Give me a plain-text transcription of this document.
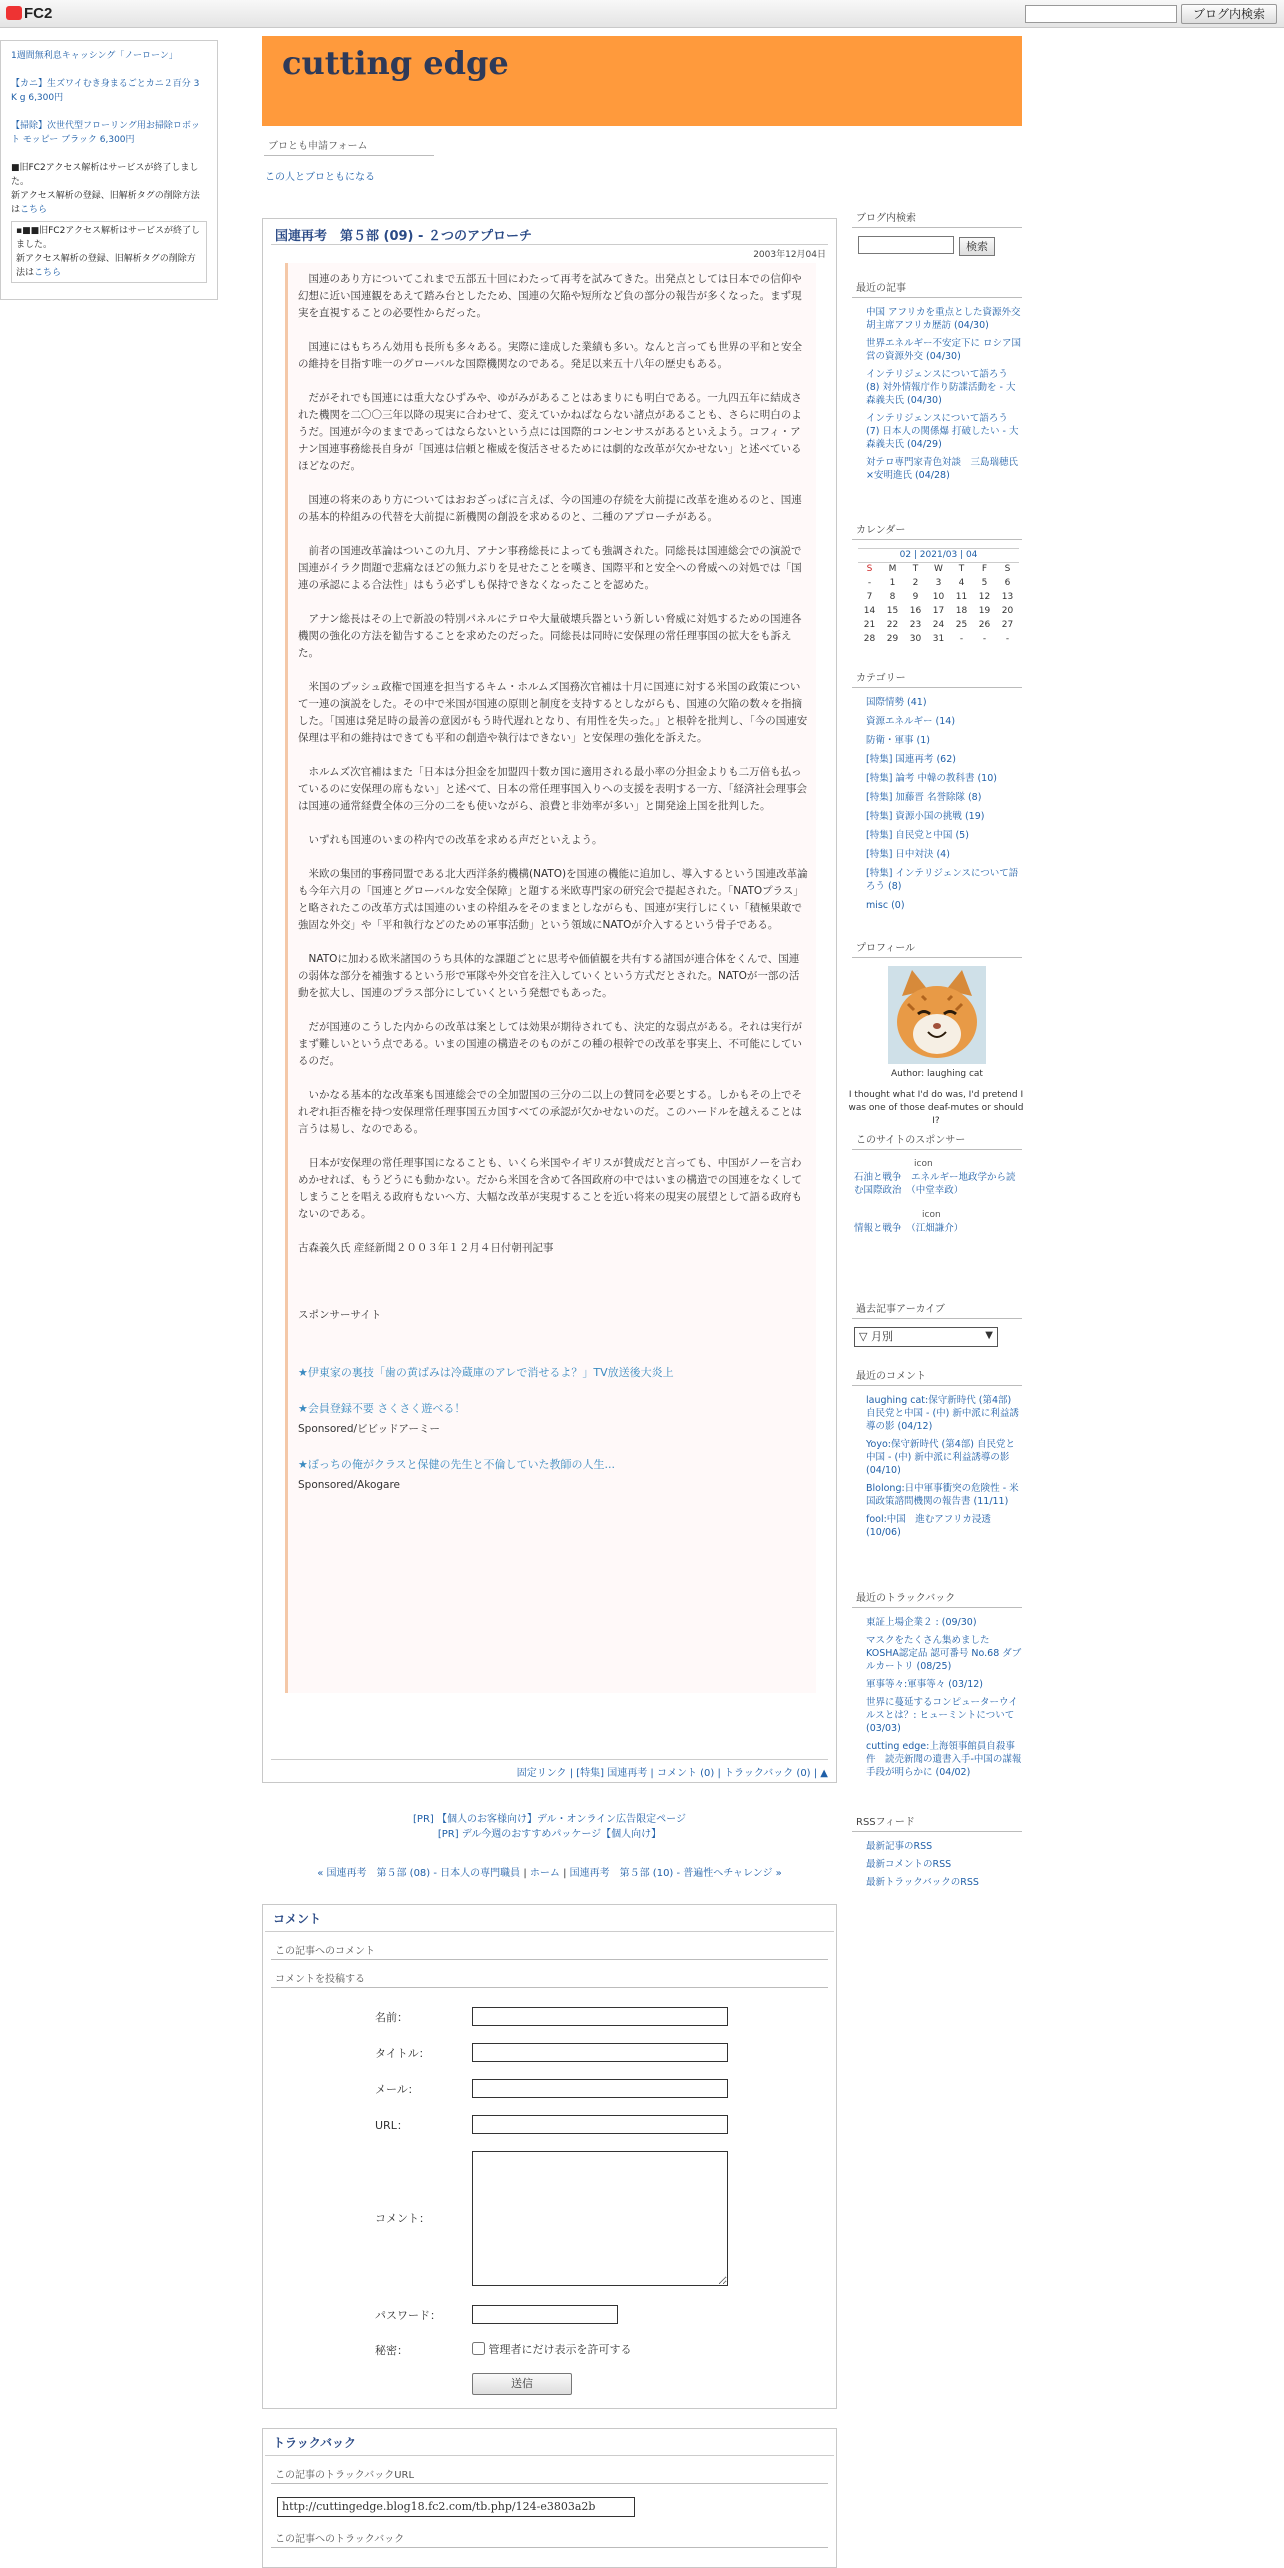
FC2	ブログ内検索

1週間無利息キャッシング「ノーローン」

【カニ】生ズワイむき身まるごとカニ２百分 3 K g 6,300円

【掃除】次世代型フローリング用お掃除ロボット モッピー ブラック 6,300円

■旧FC2アクセス解析はサービスが終了しました。
新アクセス解析の登録、旧解析タグの削除方法はこちら
▪■■旧FC2アクセス解析はサービスが終了しました。
新アクセス解析の登録、旧解析タグの削除方法はこちら
cutting edge
ブロとも申請フォーム
この人とブロともになる
国連再考　第５部 (09) - ２つのアプローチ
2003年12月04日

国連のあり方についてこれまで五部五十回にわたって再考を試みてきた。出発点としては日本での信仰や幻想に近い国連観をあえて踏み台としたため、国連の欠陥や短所など負の部分の報告が多くなった。まず現実を直視することの必要性からだった。

国連にはもちろん効用も長所も多々ある。実際に達成した業績も多い。なんと言っても世界の平和と安全の維持を目指す唯一のグローバルな国際機関なのである。発足以来五十八年の歴史もある。

だがそれでも国連には重大なひずみや、ゆがみがあることはあまりにも明白である。一九四五年に結成された機関を二〇〇三年以降の現実に合わせて、変えていかねばならない諸点があることも、さらに明白のようだ。国連が今のままであってはならないという点には国際的コンセンサスがあるといえよう。コフィ・アナン国連事務総長自身が「国連は信頼と権威を復活させるためには劇的な改革が欠かせない」と述べているほどなのだ。

国連の将来のあり方についてはおおざっぱに言えば、今の国連の存続を大前提に改革を進めるのと、国連の基本的枠組みの代替を大前提に新機関の創設を求めるのと、二種のアプローチがある。

前者の国連改革論はついこの九月、アナン事務総長によっても強調された。同総長は国連総会での演説で国連がイラク問題で悲痛なほどの無力ぶりを見せたことを嘆き、国際平和と安全への脅威への対処では「国連の承認による合法性」はもう必ずしも保持できなくなったことを認めた。

アナン総長はその上で新設の特別パネルにテロや大量破壊兵器という新しい脅威に対処するための国連各機関の強化の方法を勧告することを求めたのだった。同総長は同時に安保理の常任理事国の拡大をも訴えた。

米国のブッシュ政権で国連を担当するキム・ホルムズ国務次官補は十月に国連に対する米国の政策について一連の演説をした。その中で米国が国連の原則と制度を支持するとしながらも、国連の欠陥の数々を指摘した。「国連は発足時の最善の意図がもう時代遅れとなり、有用性を失った。」と根幹を批判し、「今の国連安保理は平和の維持はできても平和の創造や執行はできない」と安保理の強化を訴えた。

ホルムズ次官補はまた「日本は分担金を加盟四十数カ国に適用される最小率の分担金よりも二万倍も払っているのに安保理の席もない」と述べて、日本の常任理事国入りへの支援を表明する一方、「経済社会理事会は国連の通常経費全体の三分の二をも使いながら、浪費と非効率が多い」と開発途上国を批判した。

いずれも国連のいまの枠内での改革を求める声だといえよう。

米欧の集団的事務同盟である北大西洋条約機構(NATO)を国連の機能に追加し、導入するという国連改革論も今年六月の「国連とグローバルな安全保障」と題する米欧専門家の研究会で提起された。「NATOプラス」と略されたこの改革方式は国連のいまの枠組みをそのままとしながらも、国連が実行しにくい「積極果敢で強固な外交」や「平和執行などのための軍事活動」という領域にNATOが介入するという骨子である。

NATOに加わる欧米諸国のうち具体的な課題ごとに思考や価値観を共有する諸国が連合体をくんで、国連の弱体な部分を補強するという形で軍隊や外交官を注入していくという方式だとされた。NATOが一部の活動を拡大し、国連のプラス部分にしていくという発想でもあった。

だが国連のこうした内からの改革は案としては効果が期待されても、決定的な弱点がある。それは実行がまず難しいという点である。いまの国連の構造そのものがこの種の根幹での改革を事実上、不可能にしているのだ。

いかなる基本的な改革案も国連総会での全加盟国の三分の二以上の賛同を必要とする。しかもその上でそれぞれ拒否権を持つ安保理常任理事国五カ国すべての承認が欠かせないのだ。このハードルを越えることは言うは易し、なのである。

日本が安保理の常任理事国になることも、いくら米国やイギリスが賛成だと言っても、中国がノーを言わめかせれば、もうどうにも動かない。だから米国を含めて各国政府の中ではいまの構造での国連をなくしてしまうことを唱える政府もないへ方、大幅な改革が実現することを近い将来の現実の展望として語る政府もないのである。

古森義久氏 産経新聞２００３年１２月４日付朝刊記事

スポンサーサイト

★伊東家の裏技「歯の黄ばみは冷蔵庫のアレで消せるよ？」TV放送後大炎上

★会員登録不要 さくさく遊べる！

Sponsored/ビビッドアーミー

★ぼっちの俺がクラスと保健の先生と不倫していた教師の人生...

Sponsored/Akogare

固定リンク | [特集] 国連再考 | コメント (0) | トラックバック (0) | ▲
[PR] 【個人のお客様向け】デル・オンライン広告限定ページ
[PR] デル今週のおすすめパッケージ【個人向け】
« 国連再考　第５部 (08) - 日本人の専門職員 | ホーム | 国連再考　第５部 (10) - 普遍性へチャレンジ »
コメント
この記事へのコメント
コメントを投稿する
名前：
タイトル：
メール：
URL：
コメント：
パスワード：
秘密：	管理者にだけ表示を許可する
送信
トラックバック
この記事のトラックバックURL
http://cuttingedge.blog18.fc2.com/tb.php/124-e3803a2b
この記事へのトラックバック
ブログ内検索
検索
最近の記事
中国 アフリカを重点とした資源外交 胡主席アフリカ歴訪 (04/30)
世界エネルギー不安定下に ロシア国営の資源外交 (04/30)
インテリジェンスについて語ろう (8) 対外情報庁作り防諜活動を - 大森義夫氏 (04/30)
インテリジェンスについて語ろう (7) 日本人の関係爆 打破したい - 大森義夫氏 (04/29)
対テロ専門家青色対談　三島瑞穂氏×安明進氏 (04/28)
カレンダー
02 | 2021/03 | 04						
S	M	T	W	T	F	S
-	1	2	3	4	5	6
7	8	9	10	11	12	13
14	15	16	17	18	19	20
21	22	23	24	25	26	27
28	29	30	31	-	-	-
カテゴリー
国際情勢 (41)
資源エネルギー (14)
防衛・軍事 (1)
[特集] 国連再考 (62)
[特集] 論考 中韓の教科書 (10)
[特集] 加藤晋 名誉除隊 (8)
[特集] 資源小国の挑戦 (19)
[特集] 自民党と中国 (5)
[特集] 日中対決 (4)
[特集] インテリジェンスについて語ろう (8)
misc (0)
プロフィール
Author: laughing cat
I thought what I'd do was, I'd pretend I was one of those deaf-mutes or should I?
このサイトのスポンサー
icon
石油と戦争　エネルギー地政学から読む国際政治　（中堂幸政）
icon
情報と戦争　（江畑謙介）
過去記事アーカイブ
▽ 月別	▼
最近のコメント
laughing cat:保守新時代 (第4部) 自民党と中国 - (中) 新中派に利益誘導の影 (04/12)
Yoyo:保守新時代 (第4部) 自民党と中国 - (中) 新中派に利益誘導の影 (04/10)
Blolong:日中軍事衝突の危険性 - 米国政策諮問機関の報告書 (11/11)
fool:中国　進むアフリカ浸透 (10/06)
最近のトラックバック
東証上場企業２ : (09/30)
マスクをたくさん集めましたKOSHA認定品 認可番号 No.68 ダブルカートリ (08/25)
軍事等々:軍事等々 (03/12)
世界に蔓延するコンピューターウイルスとは？: ヒューミントについて (03/03)
cutting edge:上海領事館員自殺事件　読売新聞の遺書入手-中国の謀報手段が明らかに (04/02)
RSSフィード
最新記事のRSS
最新コメントのRSS
最新トラックバックのRSS
